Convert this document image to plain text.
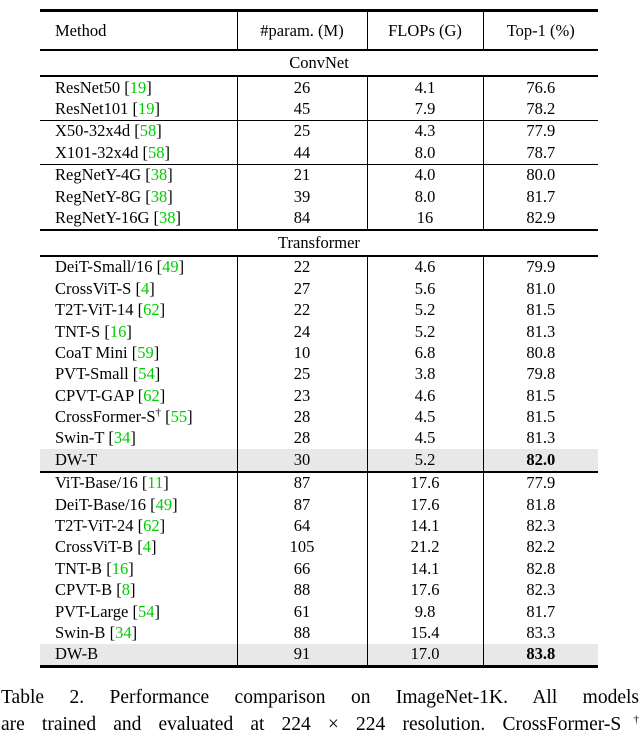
Method	#param. (M)	FLOPs (G)	Top-1 (%)
ConvNet			
ResNet50 [19]	26	4.1	76.6
ResNet101 [19]	45	7.9	78.2
X50-32x4d [58]	25	4.3	77.9
X101-32x4d [58]	44	8.0	78.7
RegNetY-4G [38]	21	4.0	80.0
RegNetY-8G [38]	39	8.0	81.7
RegNetY-16G [38]	84	16	82.9
Transformer			
DeiT-Small/16 [49]	22	4.6	79.9
CrossViT-S [4]	27	5.6	81.0
T2T-ViT-14 [62]	22	5.2	81.5
TNT-S [16]	24	5.2	81.3
CoaT Mini [59]	10	6.8	80.8
PVT-Small [54]	25	3.8	79.8
CPVT-GAP [62]	23	4.6	81.5
CrossFormer-S† [55]	28	4.5	81.5
Swin-T [34]	28	4.5	81.3
DW-T	30	5.2	82.0
ViT-Base/16 [11]	87	17.6	77.9
DeiT-Base/16 [49]	87	17.6	81.8
T2T-ViT-24 [62]	64	14.1	82.3
CrossViT-B [4]	105	21.2	82.2
TNT-B [16]	66	14.1	82.8
CPVT-B [8]	88	17.6	82.3
PVT-Large [54]	61	9.8	81.7
Swin-B [34]	88	15.4	83.3
DW-B	91	17.0	83.8
Table 2. Performance comparison on ImageNet-1K. All models
are trained and evaluated at 224 × 224 resolution. CrossFormer-S†
